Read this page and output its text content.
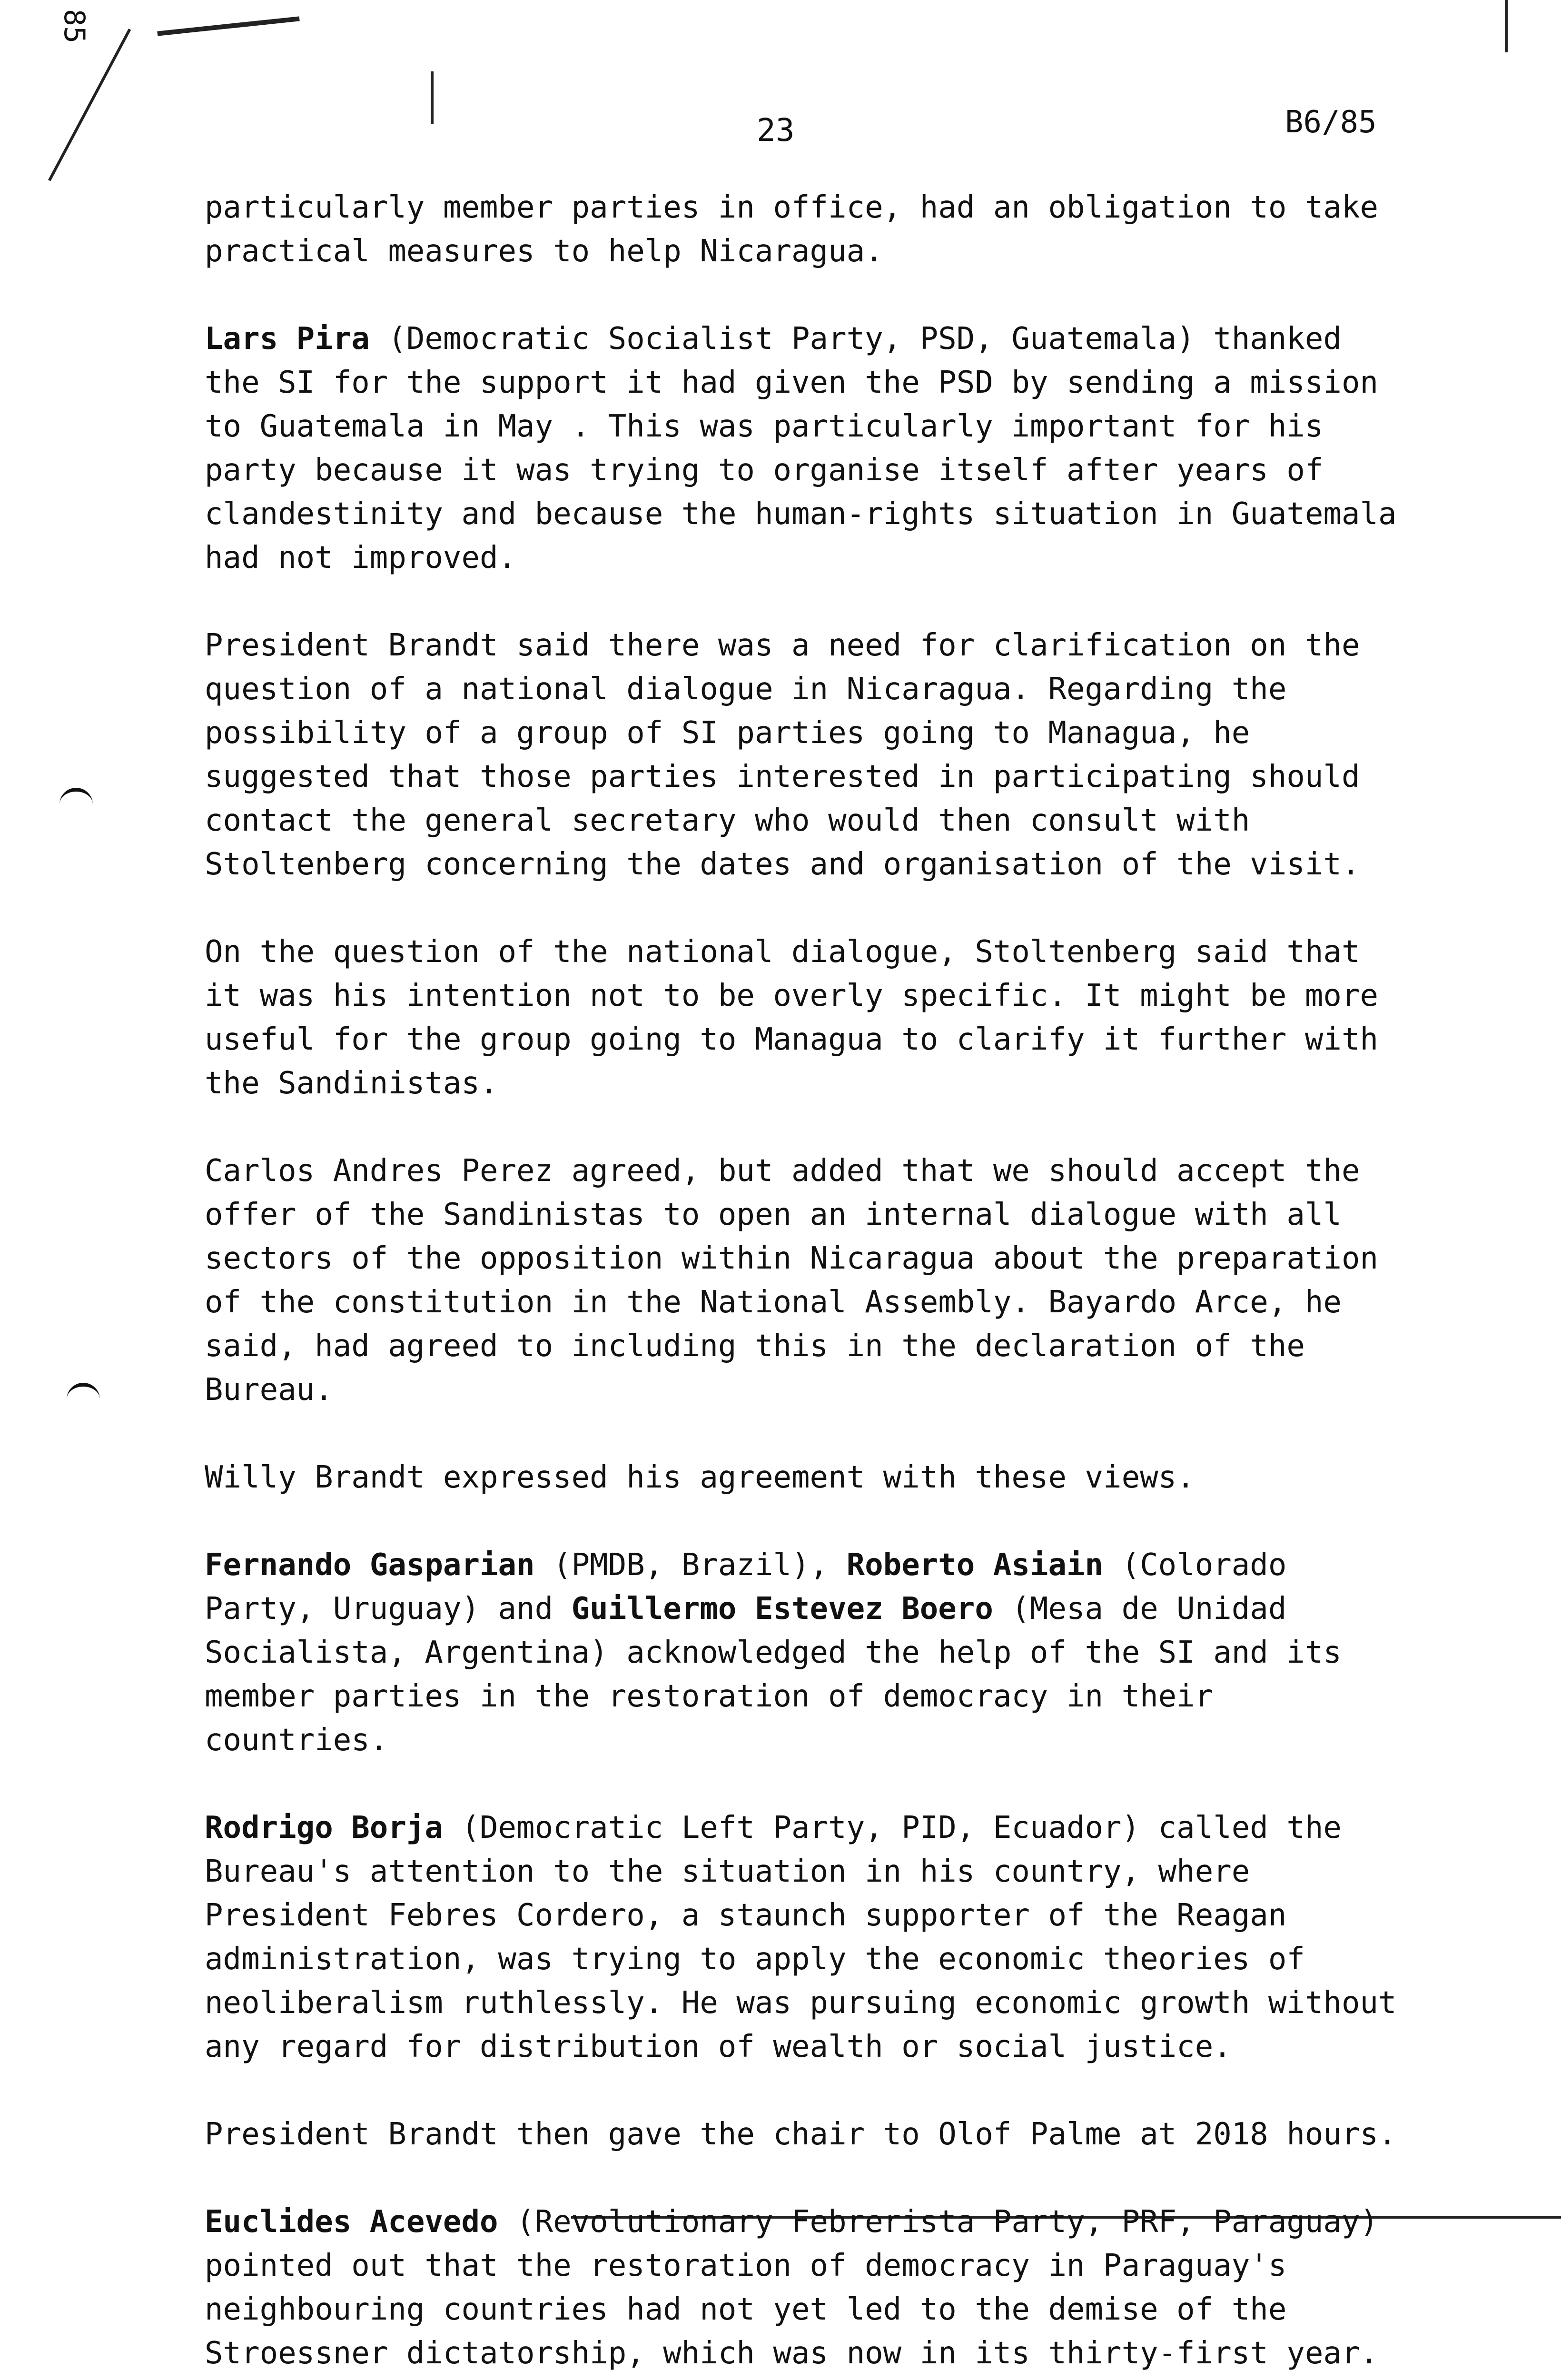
85
23	B6/85

particularly member parties in office, had an obligation to take practical measures to help Nicaragua.

Lars Pira (Democratic Socialist Party, PSD, Guatemala) thanked the SI for the support it had given the PSD by sending a mission to Guatemala in May . This was particularly important for his party because it was trying to organise itself after years of clandestinity and because the human-rights situation in Guatemala had not improved.

President Brandt said there was a need for clarification on the question of a national dialogue in Nicaragua. Regarding the possibility of a group of SI parties going to Managua, he suggested that those parties interested in participating should contact the general secretary who would then consult with Stoltenberg concerning the dates and organisation of the visit.

On the question of the national dialogue, Stoltenberg said that it was his intention not to be overly specific. It might be more useful for the group going to Managua to clarify it further with the Sandinistas.

Carlos Andres Perez agreed, but added that we should accept the offer of the Sandinistas to open an internal dialogue with all sectors of the opposition within Nicaragua about the preparation of the constitution in the National Assembly. Bayardo Arce, he said, had agreed to including this in the declaration of the Bureau.

Willy Brandt expressed his agreement with these views.

Fernando Gasparian (PMDB, Brazil), Roberto Asiain (Colorado Party, Uruguay) and Guillermo Estevez Boero (Mesa de Unidad Socialista, Argentina) acknowledged the help of the SI and its member parties in the restoration of democracy in their countries.

Rodrigo Borja (Democratic Left Party, PID, Ecuador) called the Bureau's attention to the situation in his country, where President Febres Cordero, a staunch supporter of the Reagan administration, was trying to apply the economic theories of neoliberalism ruthlessly. He was pursuing economic growth without any regard for distribution of wealth or social justice.

President Brandt then gave the chair to Olof Palme at 2018 hours.

Euclides Acevedo (Revolutionary Febrerista Party, PRF, Paraguay) pointed out that the restoration of democracy in Paraguay's neighbouring countries had not yet led to the demise of the Stroessner dictatorship, which was now in its thirty-first year.
